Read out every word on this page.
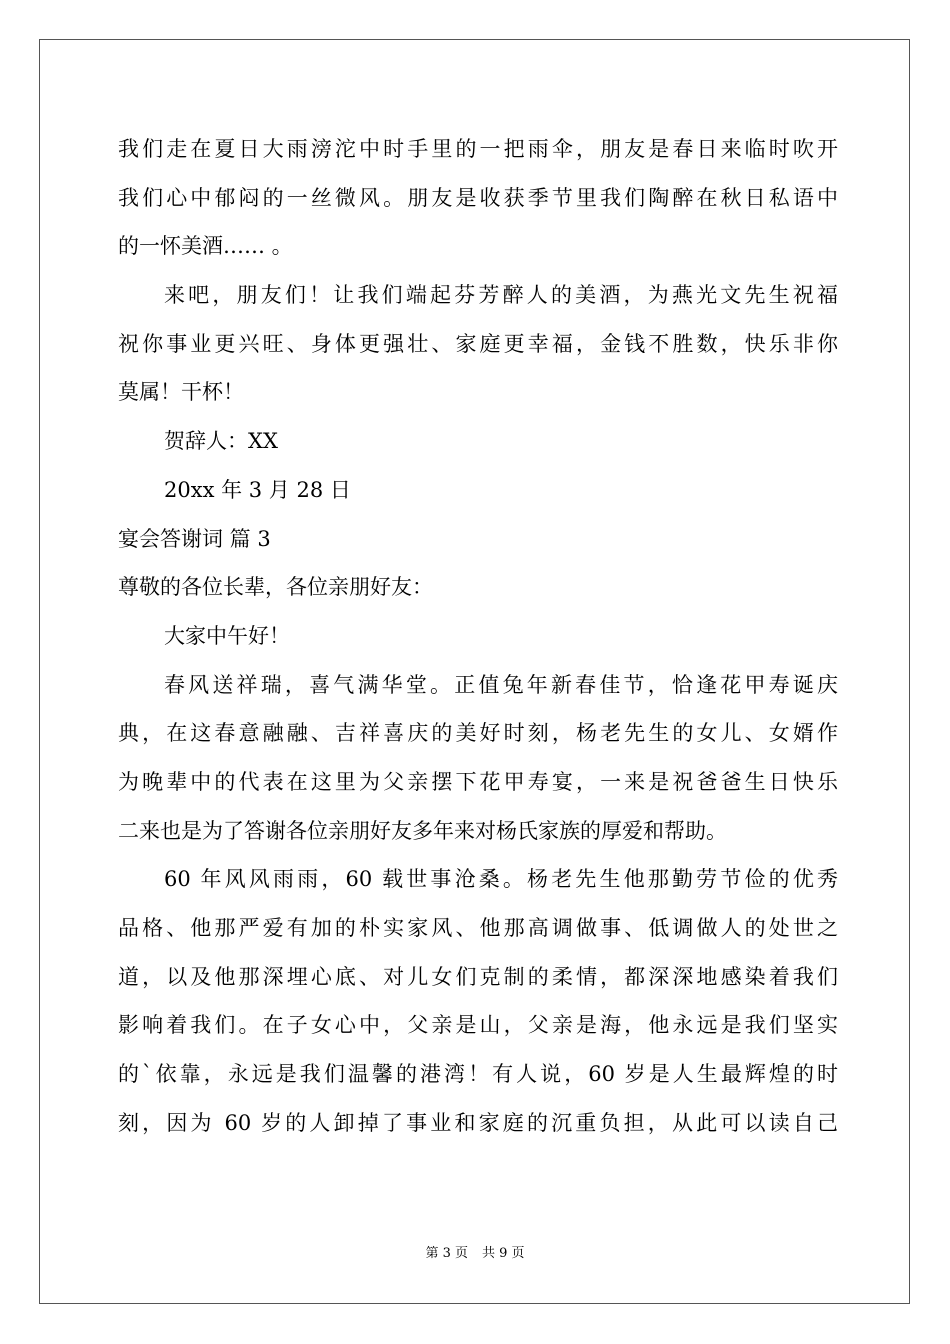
我们走在夏日大雨滂沱中时手里的一把雨伞，朋友是春日来临时吹开
我们心中郁闷的一丝微风。朋友是收获季节里我们陶醉在秋日私语中
的一怀美酒…… 。
来吧，朋友们！让我们端起芬芳醉人的美酒，为燕光文先生祝福
祝你事业更兴旺、身体更强壮、家庭更幸福，金钱不胜数，快乐非你
莫属！干杯！
贺辞人：XX
20xx 年 3 月 28 日
宴会答谢词 篇 3
尊敬的各位长辈，各位亲朋好友：
大家中午好！
春风送祥瑞，喜气满华堂。正值兔年新春佳节，恰逢花甲寿诞庆
典，在这春意融融、吉祥喜庆的美好时刻，杨老先生的女儿、女婿作
为晚辈中的代表在这里为父亲摆下花甲寿宴，一来是祝爸爸生日快乐
二来也是为了答谢各位亲朋好友多年来对杨氏家族的厚爱和帮助。
60 年风风雨雨，60 载世事沧桑。杨老先生他那勤劳节俭的优秀
品格、他那严爱有加的朴实家风、他那高调做事、低调做人的处世之
道，以及他那深埋心底、对儿女们克制的柔情，都深深地感染着我们
影响着我们。在子女心中，父亲是山，父亲是海，他永远是我们坚实
的`依靠，永远是我们温馨的港湾！有人说，60 岁是人生最辉煌的时
刻，因为 60 岁的人卸掉了事业和家庭的沉重负担，从此可以读自己
第 3 页 共 9 页
